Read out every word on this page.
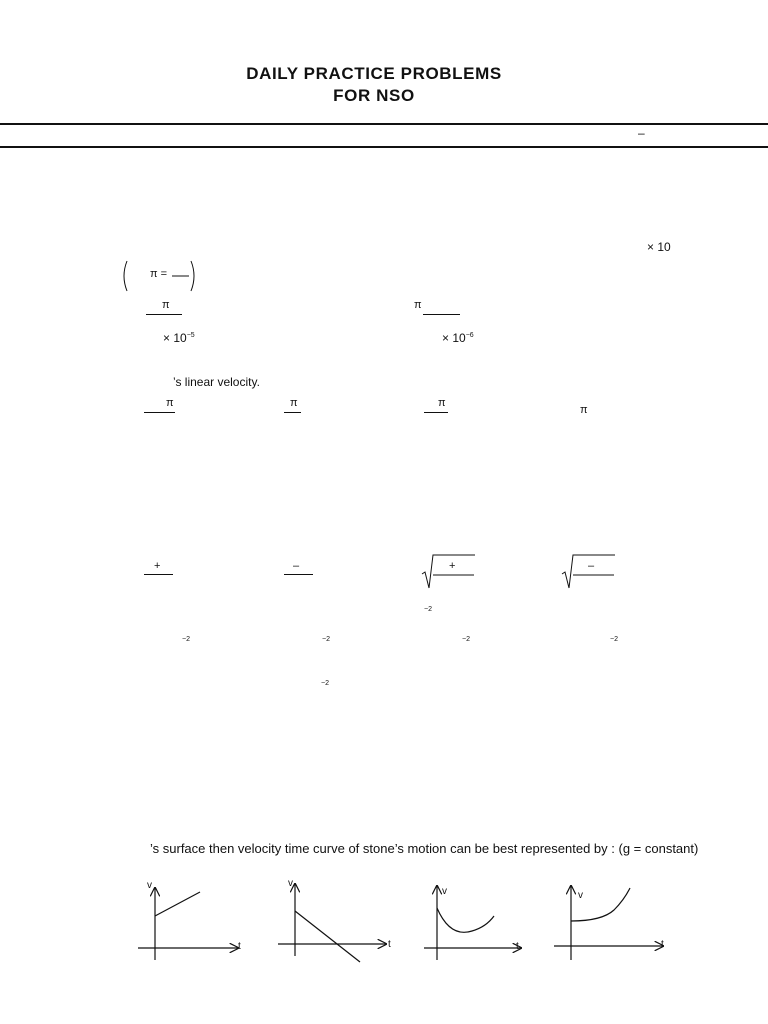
DAILY PRACTICE PROBLEMS
FOR NSO
–
× 10
π =
π	π
× $10^{-5}$	× $10^{-6}$
’s linear velocity.
π	π	π
π
+	–	+	–
$^{-2}$
$^{-2}$	$^{-2}$	$^{-2}$	$^{-2}$
$^{-2}$
’s surface then velocity time curve of stone’s motion can be best represented by : (g = constant)
v
t
v
t
v
t
v
t
